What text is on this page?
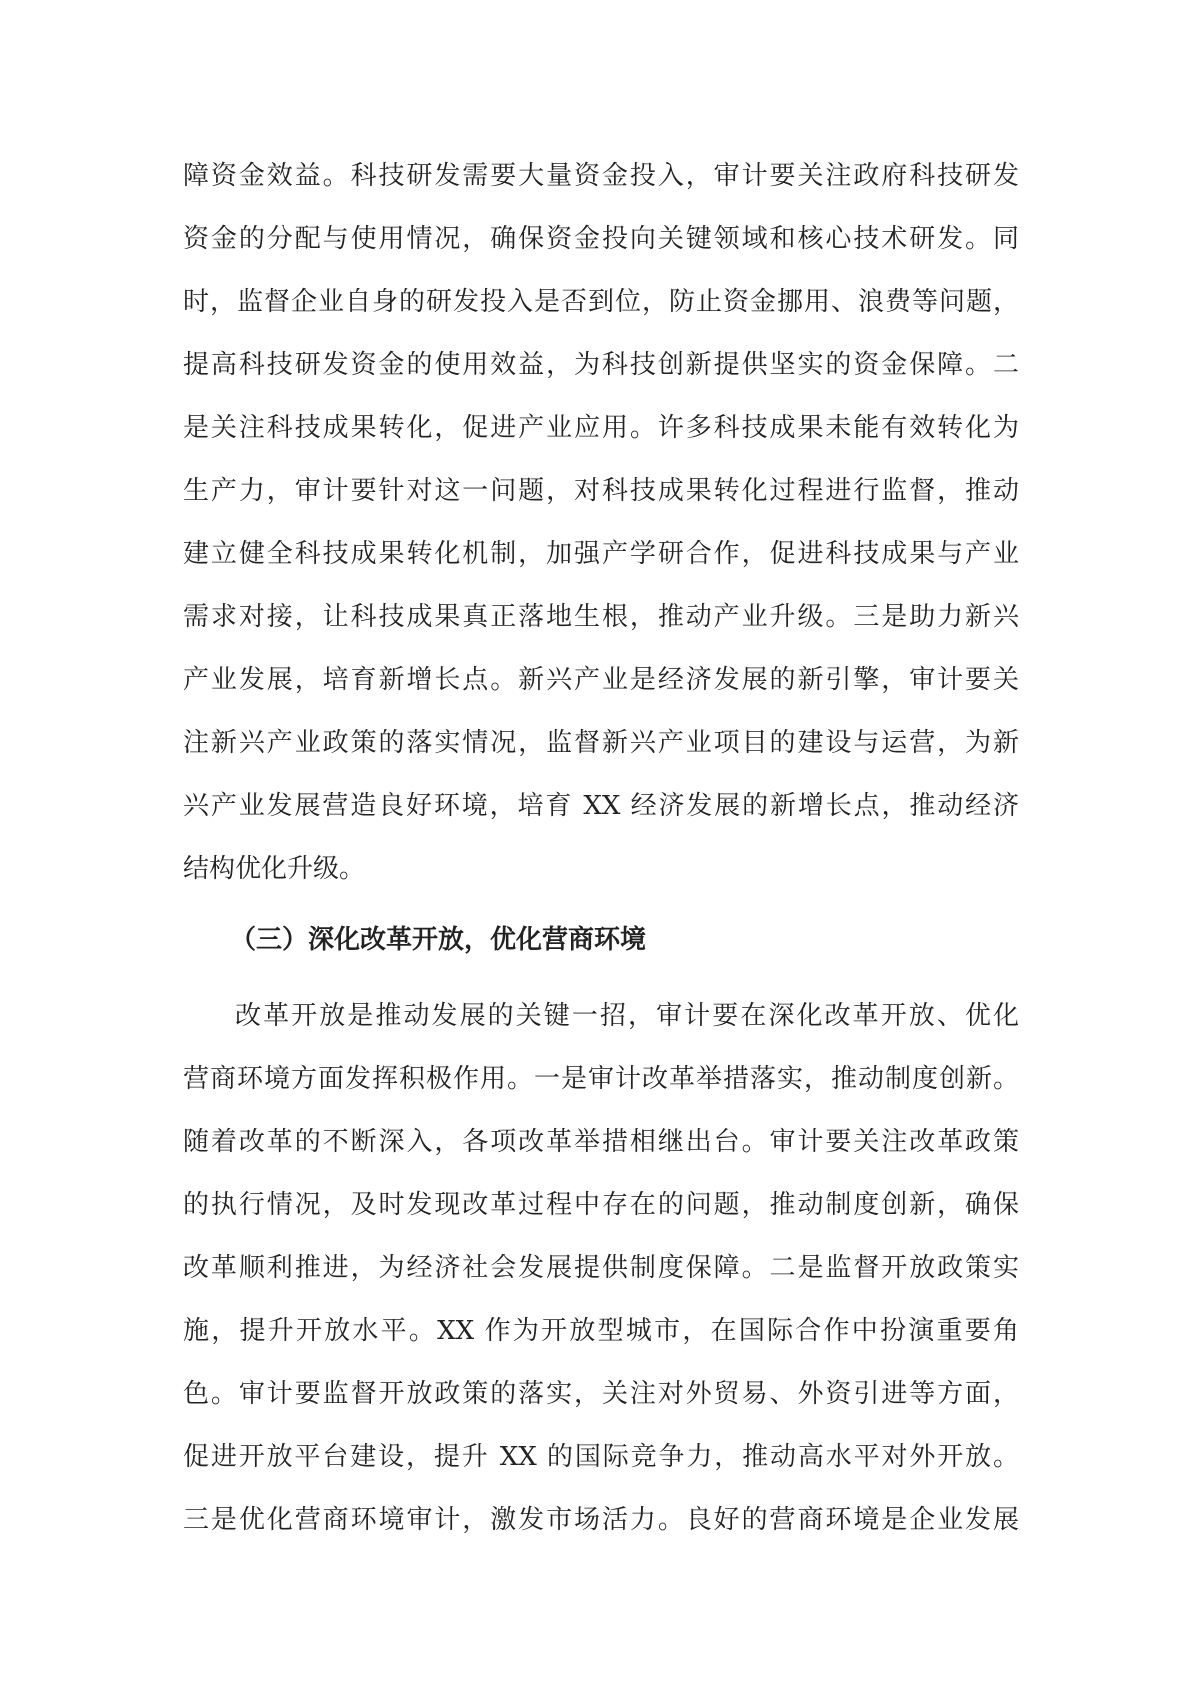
障资金效益。科技研发需要大量资金投入，审计要关注政府科技研发
资金的分配与使用情况，确保资金投向关键领域和核心技术研发。同
时，监督企业自身的研发投入是否到位，防止资金挪用、浪费等问题，
提高科技研发资金的使用效益，为科技创新提供坚实的资金保障。二
是关注科技成果转化，促进产业应用。许多科技成果未能有效转化为
生产力，审计要针对这一问题，对科技成果转化过程进行监督，推动
建立健全科技成果转化机制，加强产学研合作，促进科技成果与产业
需求对接，让科技成果真正落地生根，推动产业升级。三是助力新兴
产业发展，培育新增长点。新兴产业是经济发展的新引擎，审计要关
注新兴产业政策的落实情况，监督新兴产业项目的建设与运营，为新
兴产业发展营造良好环境，培育 XX 经济发展的新增长点，推动经济
结构优化升级。
（三）深化改革开放，优化营商环境
改革开放是推动发展的关键一招，审计要在深化改革开放、优化
营商环境方面发挥积极作用。一是审计改革举措落实，推动制度创新。
随着改革的不断深入，各项改革举措相继出台。审计要关注改革政策
的执行情况，及时发现改革过程中存在的问题，推动制度创新，确保
改革顺利推进，为经济社会发展提供制度保障。二是监督开放政策实
施，提升开放水平。XX 作为开放型城市，在国际合作中扮演重要角
色。审计要监督开放政策的落实，关注对外贸易、外资引进等方面，
促进开放平台建设，提升 XX 的国际竞争力，推动高水平对外开放。
三是优化营商环境审计，激发市场活力。良好的营商环境是企业发展
